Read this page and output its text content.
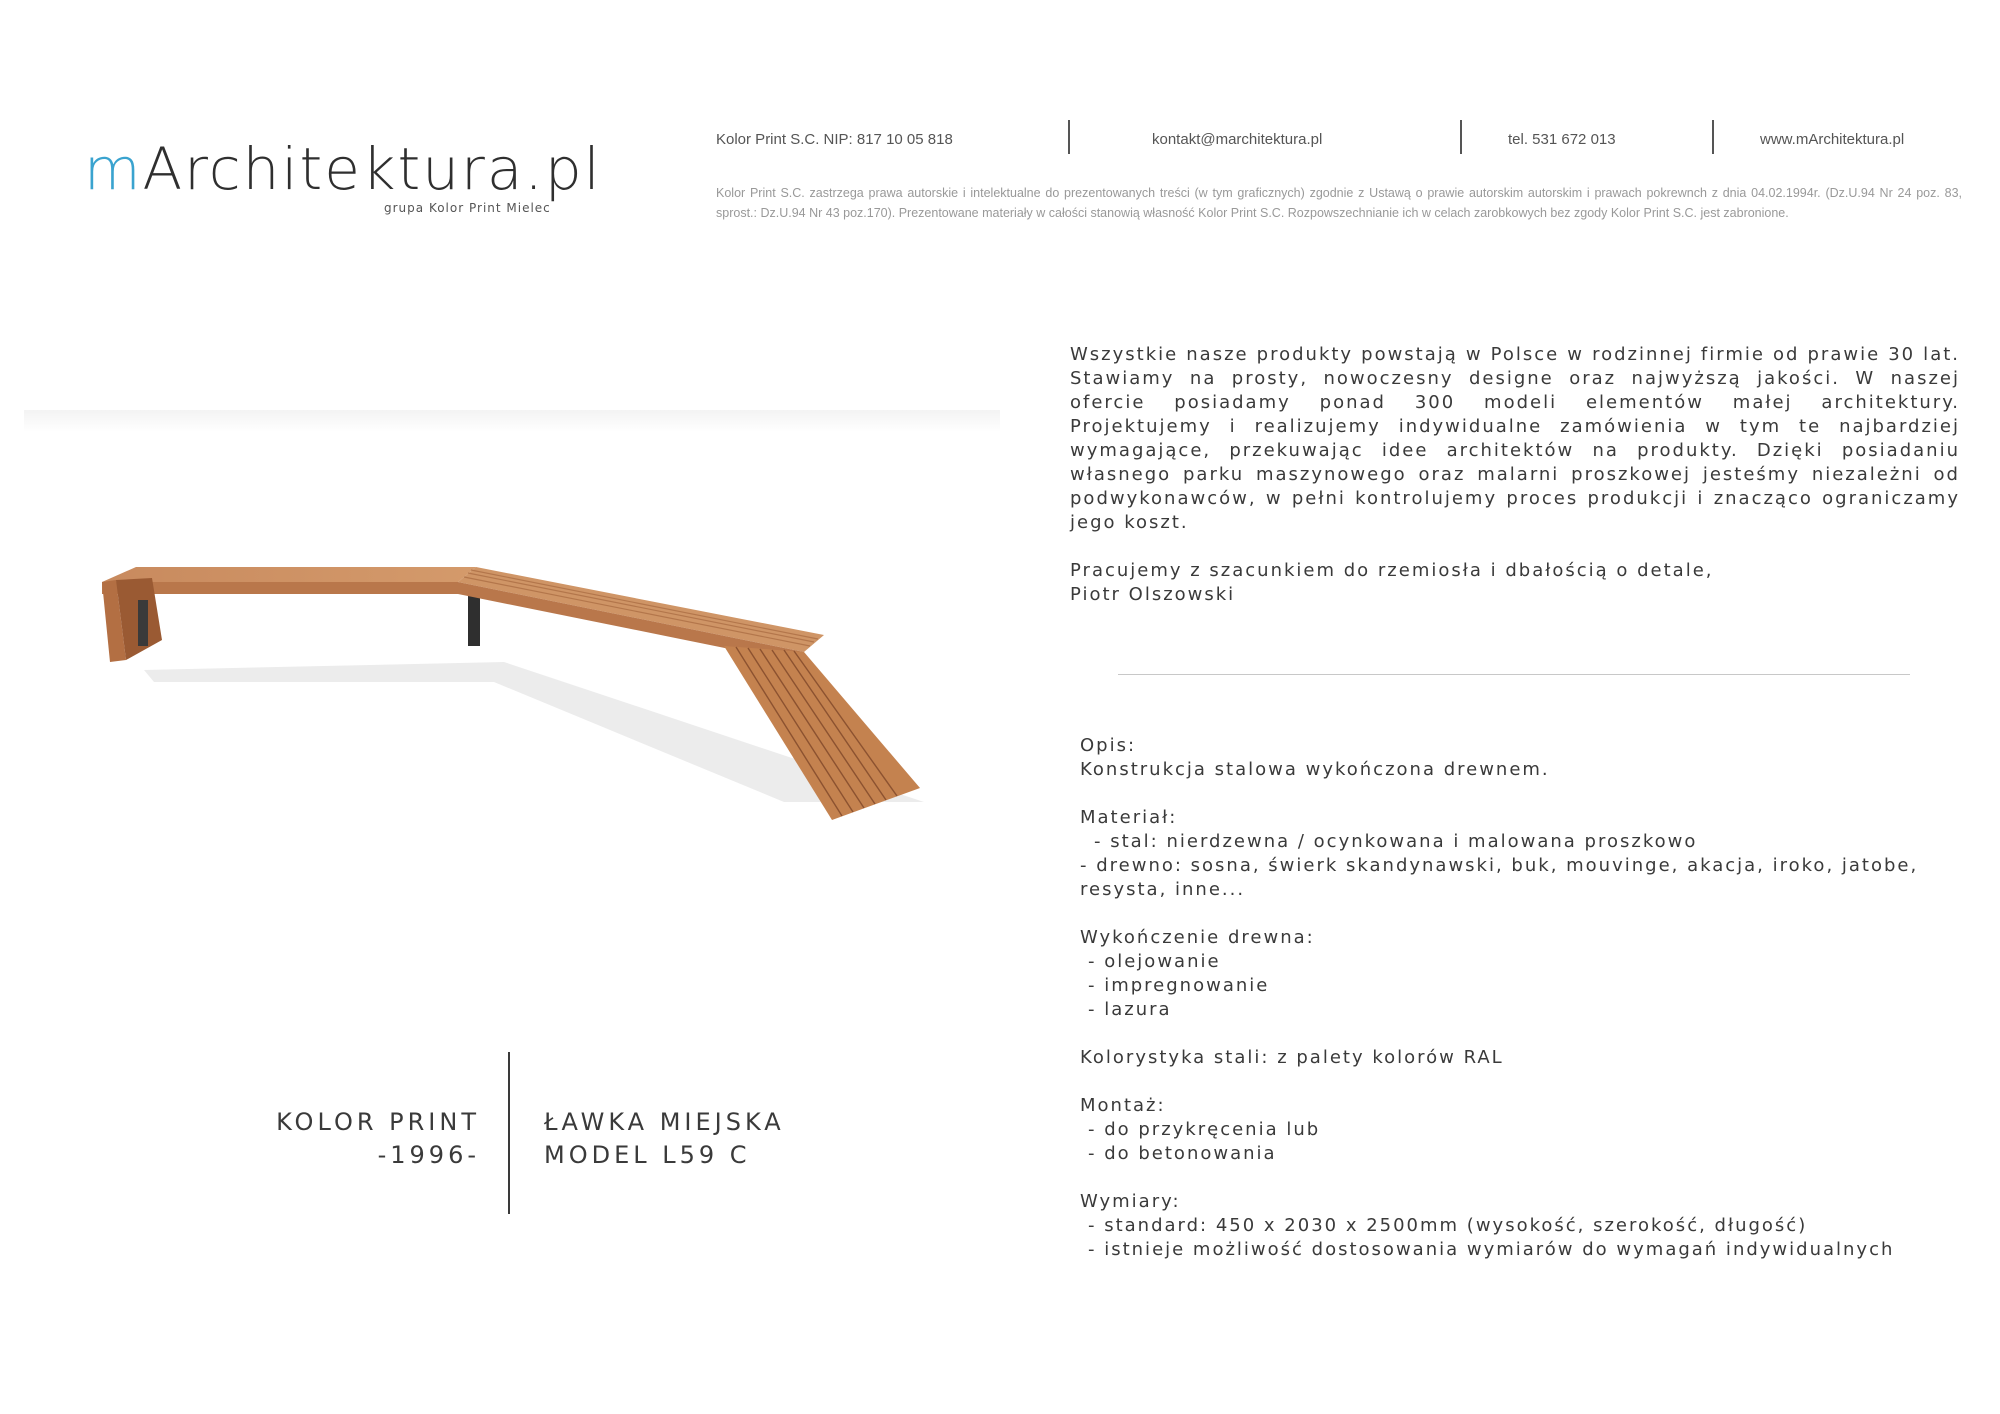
mArchitektura.pl
grupa Kolor Print Mielec
Kolor Print S.C. NIP: 817 10 05 818	kontakt@marchitektura.pl	tel. 531 672 013	www.mArchitektura.pl
Kolor Print S.C. zastrzega prawa autorskie i intelektualne do prezentowanych treści (w tym graficznych) zgodnie z Ustawą o prawie autorskim autorskim i prawach pokrewnch z dnia 04.02.1994r. (Dz.U.94 Nr 24 poz. 83, sprost.: Dz.U.94 Nr 43 poz.170). Prezentowane materiały w całości stanowią własność Kolor Print S.C. Rozpowszechnianie ich w celach zarobkowych bez zgody Kolor Print S.C. jest zabronione.

Wszystkie nasze produkty powstają w Polsce w rodzinnej firmie od prawie 30 lat. Stawiamy na prosty, nowoczesny designe oraz najwyższą jakości. W naszej ofercie posiadamy ponad 300 modeli elementów małej architektury. Projektujemy i realizujemy indywidualne zamówienia w tym te najbardziej wymagające, przekuwając idee architektów na produkty. Dzięki posiadaniu własnego parku maszynowego oraz malarni proszkowej jesteśmy niezależni od podwykonawców, w pełni kontrolujemy proces produkcji i znacząco ograniczamy jego koszt.

Pracujemy z szacunkiem do rzemiosła i dbałością o detale,

Piotr Olszowski

Opis:

Konstrukcja stalowa wykończona drewnem.

Materiał:

- stal: nierdzewna / ocynkowana i malowana proszkowo

- drewno: sosna, świerk skandynawski, buk, mouvinge, akacja, iroko, jatobe, resysta, inne...

Wykończenie drewna:

- olejowanie

- impregnowanie

- lazura

Kolorystyka stali: z palety kolorów RAL

Montaż:

- do przykręcenia lub

- do betonowania

Wymiary:

- standard: 450 x 2030 x 2500mm (wysokość, szerokość, długość)

- istnieje możliwość dostosowania wymiarów do wymagań indywidualnych

KOLOR PRINT
-1996-
ŁAWKA MIEJSKA
MODEL L59 C
